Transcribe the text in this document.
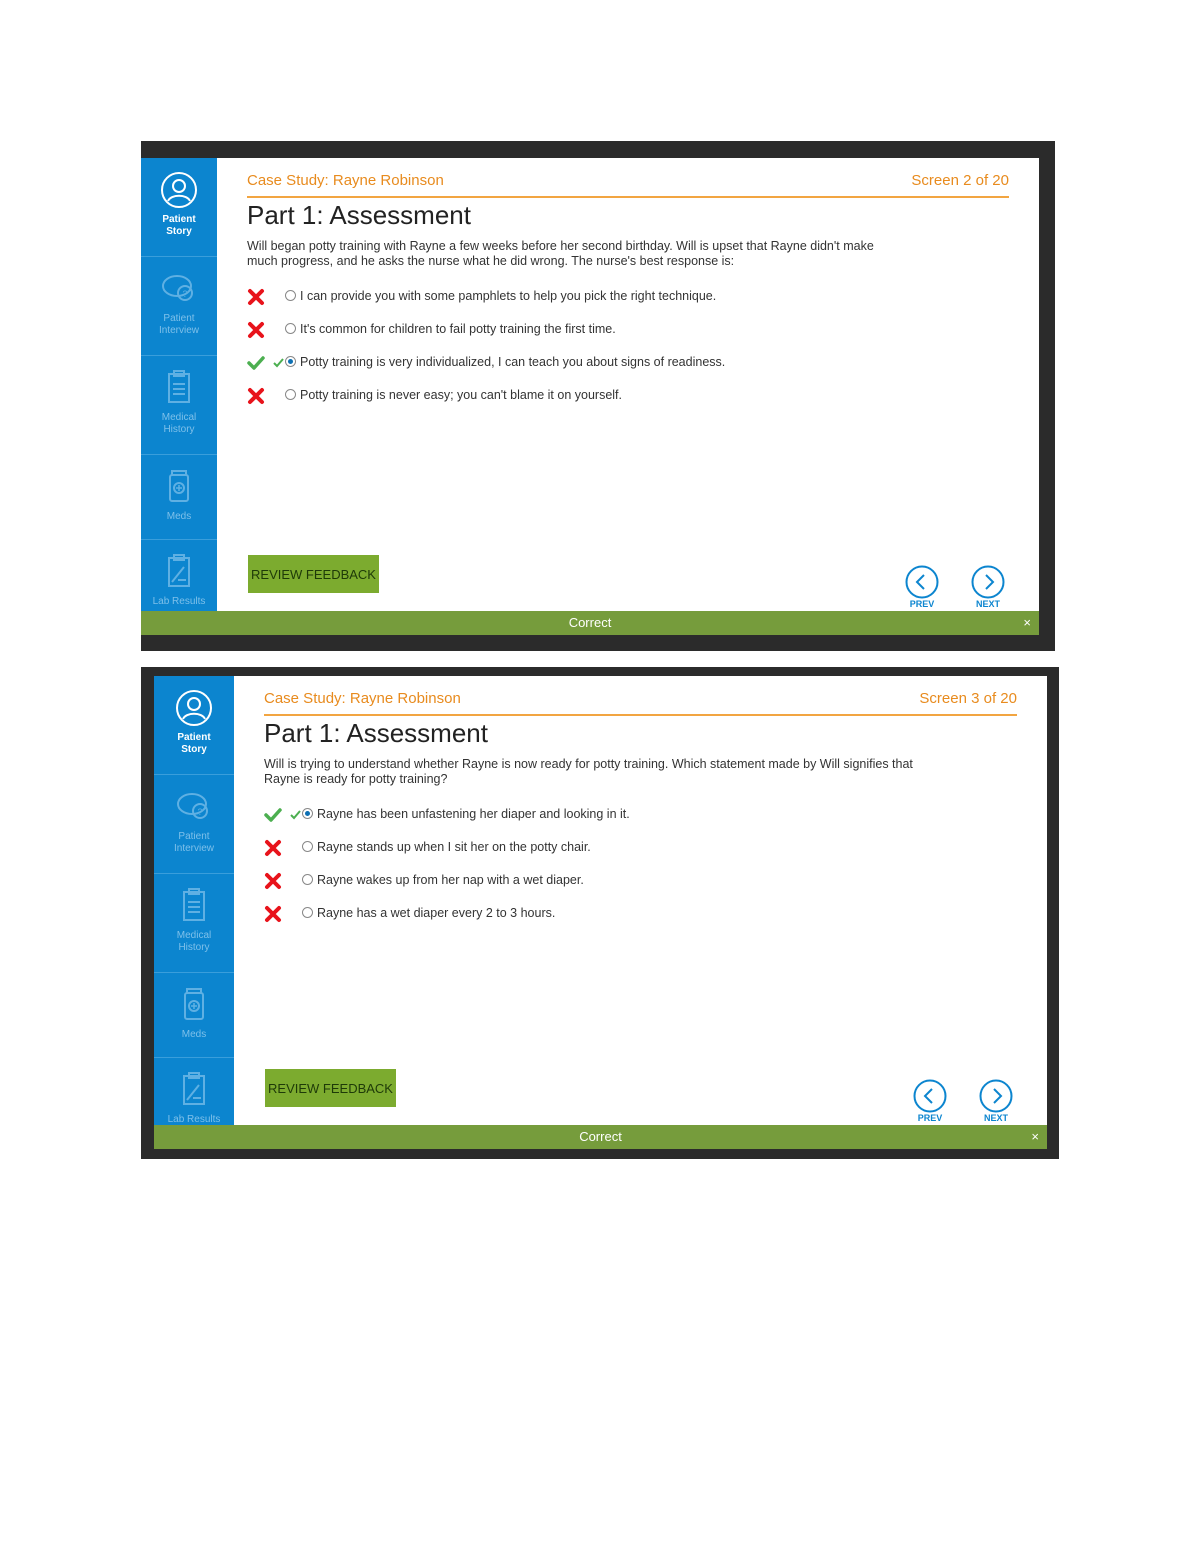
Patient
Story
?
Patient
Interview
Medical
History
Meds
Lab Results
Case Study: Rayne Robinson	Screen 2 of 20
Part 1: Assessment
Will began potty training with Rayne a few weeks before her second birthday. Will is upset that Rayne didn't make much progress, and he asks the nurse what he did wrong. The nurse's best response is:
I can provide you with some pamphlets to help you pick the right technique.
It's common for children to fail potty training the first time.
Potty training is very individualized, I can teach you about signs of readiness.
Potty training is never easy; you can't blame it on yourself.
REVIEW FEEDBACK
PREV	NEXT
Correct	×
Patient
Story
?
Patient
Interview
Medical
History
Meds
Lab Results
Case Study: Rayne Robinson	Screen 3 of 20
Part 1: Assessment
Will is trying to understand whether Rayne is now ready for potty training. Which statement made by Will signifies that Rayne is ready for potty training?
Rayne has been unfastening her diaper and looking in it.
Rayne stands up when I sit her on the potty chair.
Rayne wakes up from her nap with a wet diaper.
Rayne has a wet diaper every 2 to 3 hours.
REVIEW FEEDBACK
PREV	NEXT
Correct	×
